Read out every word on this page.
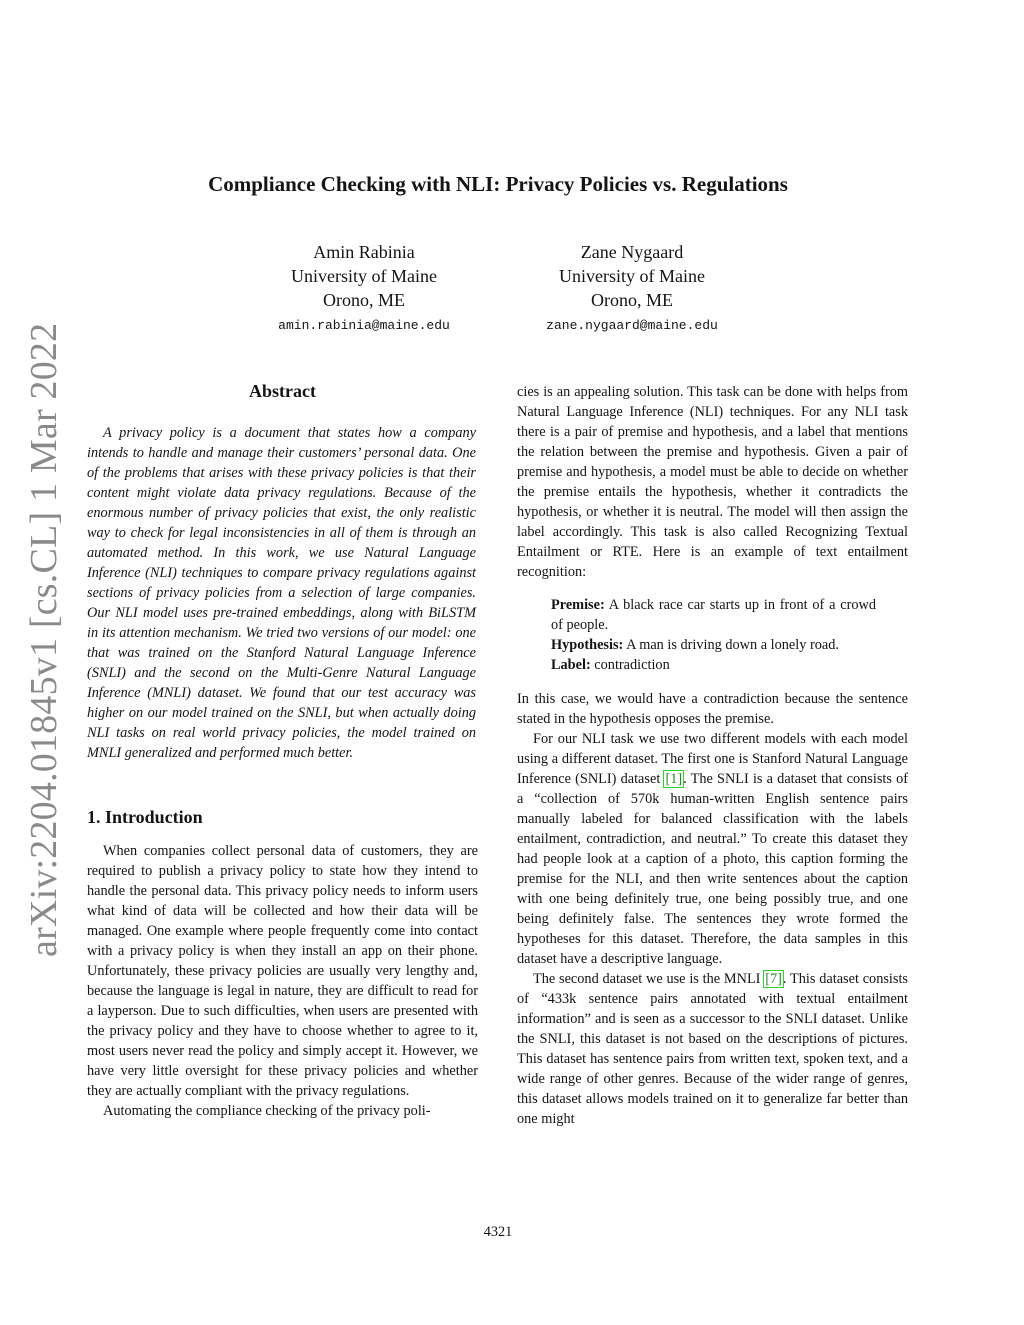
arXiv:2204.01845v1 [cs.CL] 1 Mar 2022
Compliance Checking with NLI: Privacy Policies vs. Regulations
Amin Rabinia
University of Maine
Orono, ME
amin.rabinia@maine.edu
Zane Nygaard
University of Maine
Orono, ME
zane.nygaard@maine.edu
Abstract

A privacy policy is a document that states how a company intends to handle and manage their customers’ personal data. One of the problems that arises with these privacy policies is that their content might violate data privacy regulations. Because of the enormous number of privacy policies that exist, the only realistic way to check for legal inconsistencies in all of them is through an automated method. In this work, we use Natural Language Inference (NLI) techniques to compare privacy regulations against sections of privacy policies from a selection of large companies. Our NLI model uses pre-trained embeddings, along with BiLSTM in its attention mechanism. We tried two versions of our model: one that was trained on the Stanford Natural Language Inference (SNLI) and the second on the Multi-Genre Natural Language Inference (MNLI) dataset. We found that our test accuracy was higher on our model trained on the SNLI, but when actually doing NLI tasks on real world privacy policies, the model trained on MNLI generalized and performed much better.

1. Introduction

When companies collect personal data of customers, they are required to publish a privacy policy to state how they intend to handle the personal data. This privacy policy needs to inform users what kind of data will be collected and how their data will be managed. One example where people frequently come into contact with a privacy policy is when they install an app on their phone. Unfortunately, these privacy policies are usually very lengthy and, because the language is legal in nature, they are difficult to read for a layperson. Due to such difficulties, when users are presented with the privacy policy and they have to choose whether to agree to it, most users never read the policy and simply accept it. However, we have very little oversight for these privacy policies and whether they are actually compliant with the privacy regulations.

Automating the compliance checking of the privacy poli-

cies is an appealing solution. This task can be done with helps from Natural Language Inference (NLI) techniques. For any NLI task there is a pair of premise and hypothesis, and a label that mentions the relation between the premise and hypothesis. Given a pair of premise and hypothesis, a model must be able to decide on whether the premise entails the hypothesis, whether it contradicts the hypothesis, or whether it is neutral. The model will then assign the label accordingly. This task is also called Recognizing Textual Entailment or RTE. Here is an example of text entailment recognition:

Premise: A black race car starts up in front of a crowd of people.

Hypothesis: A man is driving down a lonely road.

Label: contradiction

In this case, we would have a contradiction because the sentence stated in the hypothesis opposes the premise.

For our NLI task we use two different models with each model using a different dataset. The first one is Stanford Natural Language Inference (SNLI) dataset [1]. The SNLI is a dataset that consists of a “collection of 570k human-written English sentence pairs manually labeled for balanced classification with the labels entailment, contradiction, and neutral.” To create this dataset they had people look at a caption of a photo, this caption forming the premise for the NLI, and then write sentences about the caption with one being definitely true, one being possibly true, and one being definitely false. The sentences they wrote formed the hypotheses for this dataset. Therefore, the data samples in this dataset have a descriptive language.

The second dataset we use is the MNLI [7]. This dataset consists of “433k sentence pairs annotated with textual entailment information” and is seen as a successor to the SNLI dataset. Unlike the SNLI, this dataset is not based on the descriptions of pictures. This dataset has sentence pairs from written text, spoken text, and a wide range of other genres. Because of the wider range of genres, this dataset allows models trained on it to generalize far better than one might

4321
